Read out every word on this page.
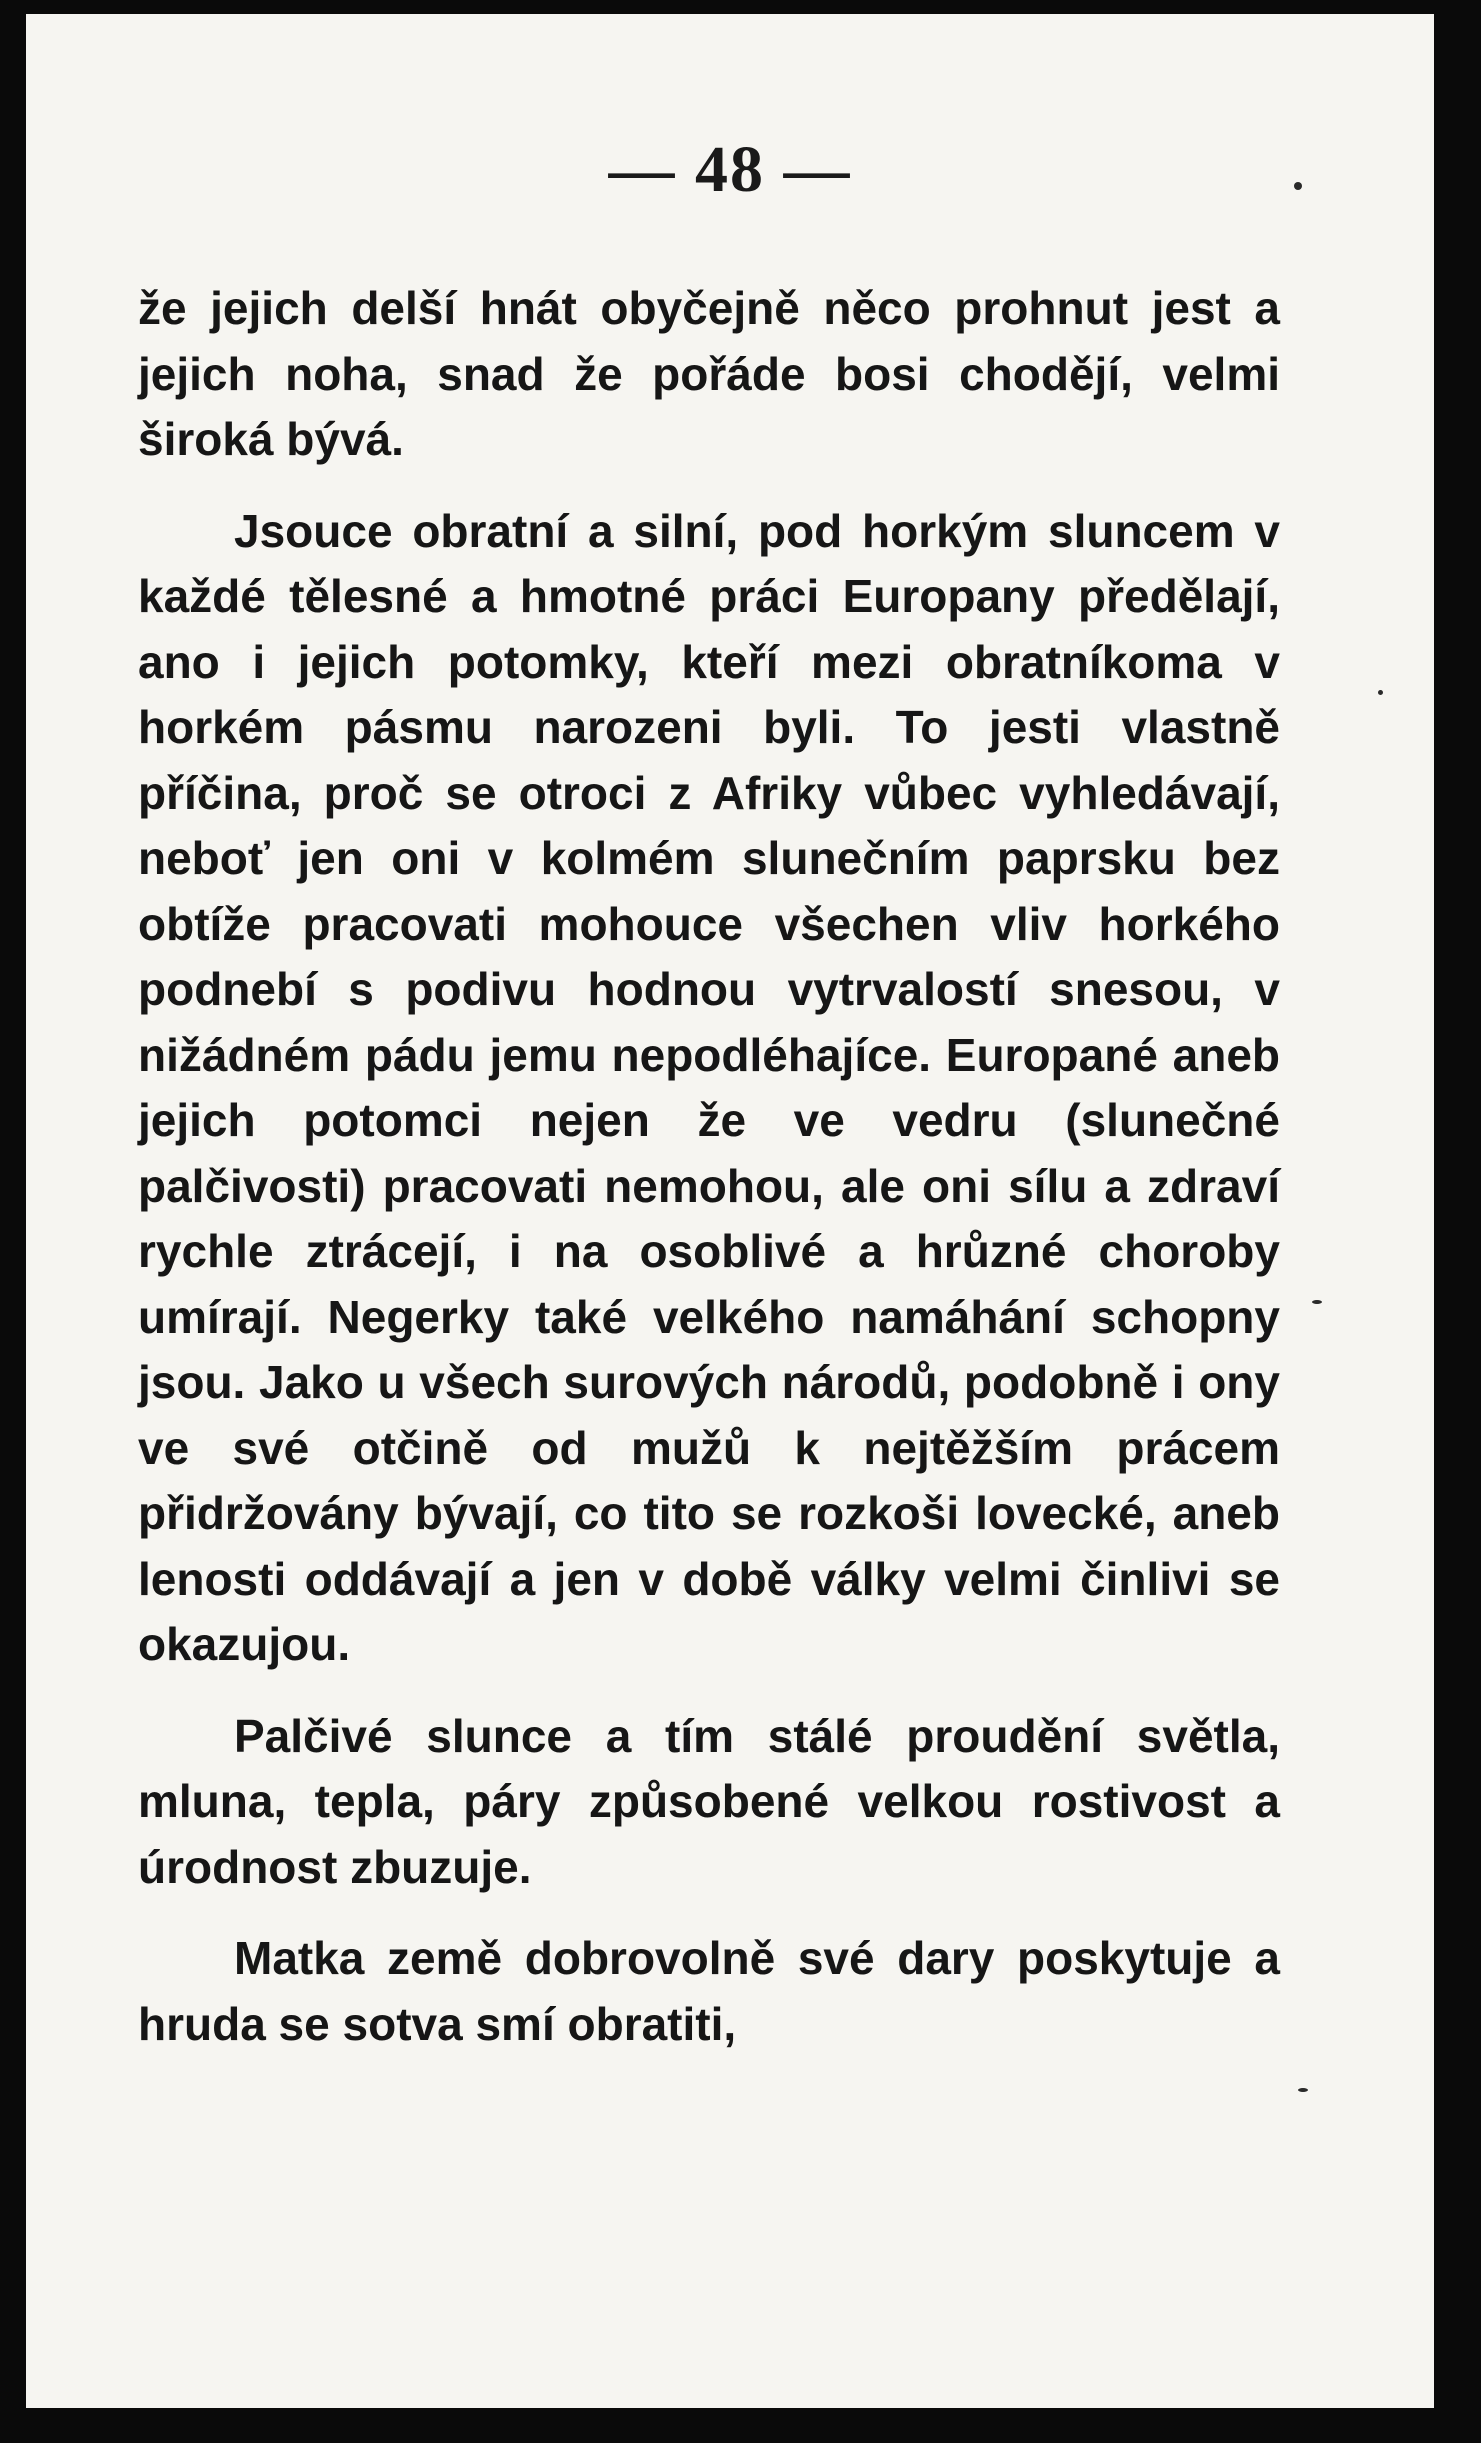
— 48 —

že jejich delší hnát obyčejně něco prohnut jest a jejich noha, snad že pořáde bosi chodějí, velmi široká bývá.

Jsouce obratní a silní, pod horkým sluncem v každé tělesné a hmotné práci Europany předělají, ano i jejich potomky, kteří mezi obratníkoma v horkém pásmu narozeni byli. To jesti vlastně příčina, proč se otroci z Afriky vůbec vyhledávají, neboť jen oni v kolmém slunečním paprsku bez obtíže pracovati mohouce všechen vliv horkého podnebí s podivu hodnou vytrvalostí snesou, v nižádném pádu jemu nepodléhajíce. Europané aneb jejich potomci nejen že ve vedru (slunečné palčivosti) pracovati nemohou, ale oni sílu a zdraví rychle ztrácejí, i na osoblivé a hrůzné choroby umírají. Negerky také velkého namáhání schopny jsou. Jako u všech surových národů, podobně i ony ve své otčině od mužů k nejtěžším prácem přidržovány bývají, co tito se rozkoši lovecké, aneb lenosti oddávají a jen v době války velmi činlivi se okazujou.

Palčivé slunce a tím stálé proudění světla, mluna, tepla, páry způsobené velkou rostivost a úrodnost zbuzuje.

Matka země dobrovolně své dary poskytuje a hruda se sotva smí obratiti,
